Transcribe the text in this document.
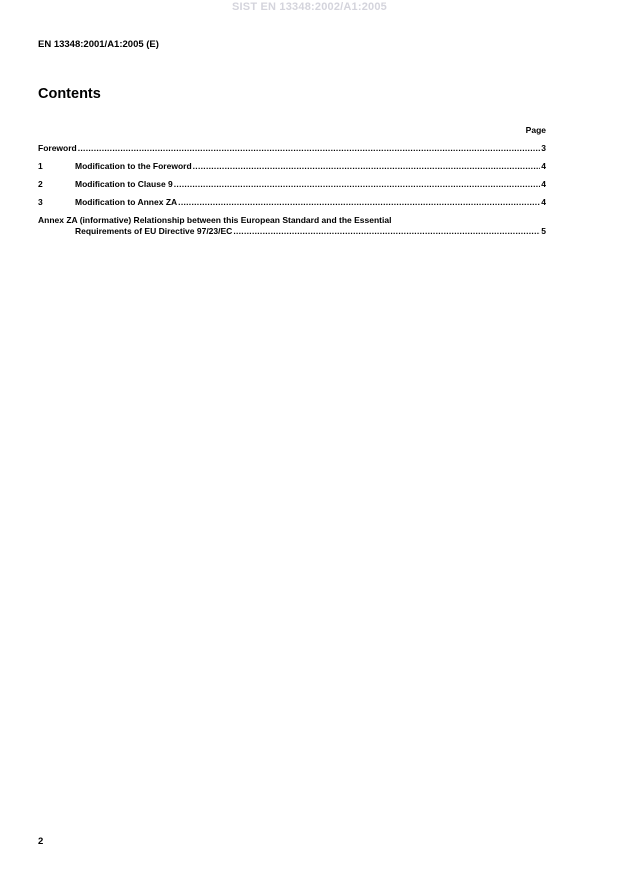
SIST EN 13348:2002/A1:2005
EN 13348:2001/A1:2005 (E)
Contents
Page
Foreword .....	3
1	Modification to the Foreword .....	4
2	Modification to Clause 9 .....	4
3	Modification to Annex ZA .....	4
Annex ZA (informative) Relationship between this European Standard and the Essential
Requirements of EU Directive 97/23/EC .....	5
2
